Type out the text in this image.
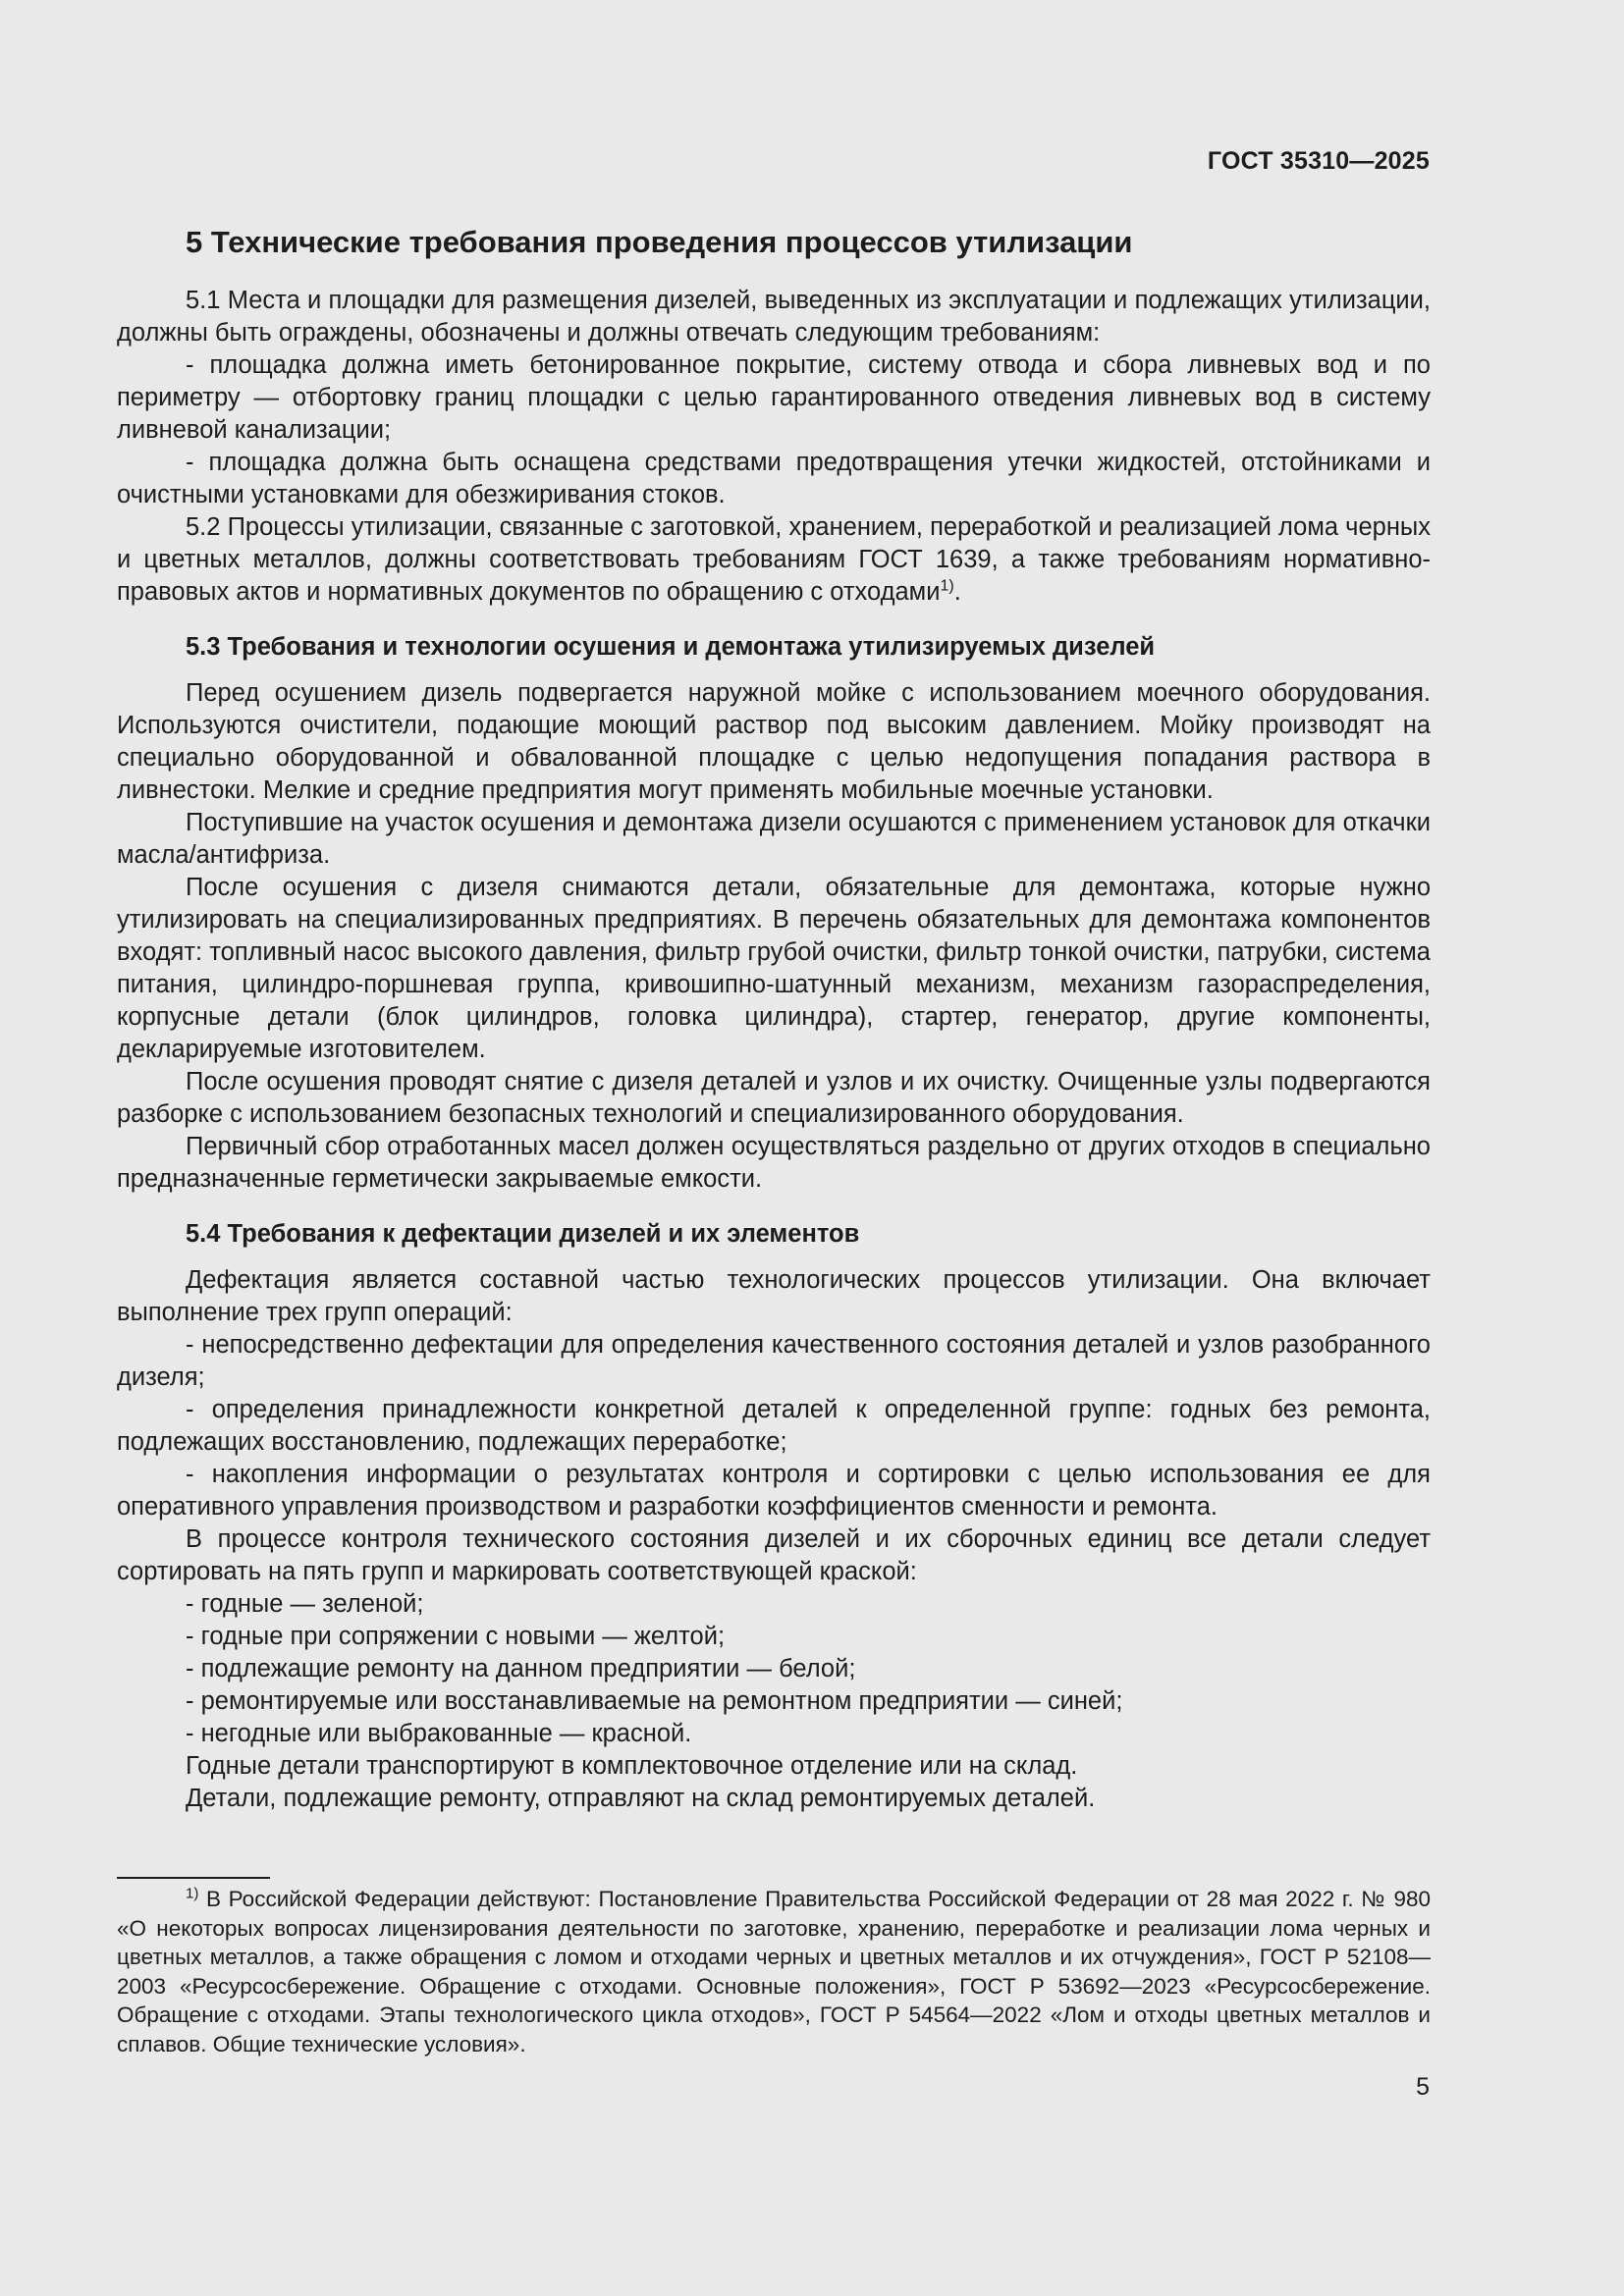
ГОСТ 35310—2025
5 Технические требования проведения процессов утилизации

5.1 Места и площадки для размещения дизелей, выведенных из эксплуатации и подлежащих утилизации, должны быть ограждены, обозначены и должны отвечать следующим требованиям:

- площадка должна иметь бетонированное покрытие, систему отвода и сбора ливневых вод и по периметру — отбортовку границ площадки с целью гарантированного отведения ливневых вод в систему ливневой канализации;

- площадка должна быть оснащена средствами предотвращения утечки жидкостей, отстойниками и очистными установками для обезжиривания стоков.

5.2 Процессы утилизации, связанные с заготовкой, хранением, переработкой и реализацией лома черных и цветных металлов, должны соответствовать требованиям ГОСТ 1639, а также требованиям нормативно-правовых актов и нормативных документов по обращению с отходами$^{1)}$.

5.3 Требования и технологии осушения и демонтажа утилизируемых дизелей

Перед осушением дизель подвергается наружной мойке с использованием моечного оборудования. Используются очистители, подающие моющий раствор под высоким давлением. Мойку производят на специально оборудованной и обвалованной площадке с целью недопущения попадания раствора в ливнестоки. Мелкие и средние предприятия могут применять мобильные моечные установки.

Поступившие на участок осушения и демонтажа дизели осушаются с применением установок для откачки масла/антифриза.

После осушения с дизеля снимаются детали, обязательные для демонтажа, которые нужно утилизировать на специализированных предприятиях. В перечень обязательных для демонтажа компонентов входят: топливный насос высокого давления, фильтр грубой очистки, фильтр тонкой очистки, патрубки, система питания, цилиндро-поршневая группа, кривошипно-шатунный механизм, механизм газораспределения, корпусные детали (блок цилиндров, головка цилиндра), стартер, генератор, другие компоненты, декларируемые изготовителем.

После осушения проводят снятие с дизеля деталей и узлов и их очистку. Очищенные узлы подвергаются разборке с использованием безопасных технологий и специализированного оборудования.

Первичный сбор отработанных масел должен осуществляться раздельно от других отходов в специально предназначенные герметически закрываемые емкости.

5.4 Требования к дефектации дизелей и их элементов

Дефектация является составной частью технологических процессов утилизации. Она включает выполнение трех групп операций:

- непосредственно дефектации для определения качественного состояния деталей и узлов разобранного дизеля;

- определения принадлежности конкретной деталей к определенной группе: годных без ремонта, подлежащих восстановлению, подлежащих переработке;

- накопления информации о результатах контроля и сортировки с целью использования ее для оперативного управления производством и разработки коэффициентов сменности и ремонта.

В процессе контроля технического состояния дизелей и их сборочных единиц все детали следует сортировать на пять групп и маркировать соответствующей краской:

- годные — зеленой;

- годные при сопряжении с новыми — желтой;

- подлежащие ремонту на данном предприятии — белой;

- ремонтируемые или восстанавливаемые на ремонтном предприятии — синей;

- негодные или выбракованные — красной.

Годные детали транспортируют в комплектовочное отделение или на склад.

Детали, подлежащие ремонту, отправляют на склад ремонтируемых деталей.

$^{1)}$ В Российской Федерации действуют: Постановление Правительства Российской Федерации от 28 мая 2022 г. № 980 «О некоторых вопросах лицензирования деятельности по заготовке, хранению, переработке и реализации лома черных и цветных металлов, а также обращения с ломом и отходами черных и цветных металлов и их отчуждения», ГОСТ Р 52108—2003 «Ресурсосбережение. Обращение с отходами. Основные положения», ГОСТ Р 53692—2023 «Ресурсосбережение. Обращение с отходами. Этапы технологического цикла отходов», ГОСТ Р 54564—2022 «Лом и отходы цветных металлов и сплавов. Общие технические условия».

5
